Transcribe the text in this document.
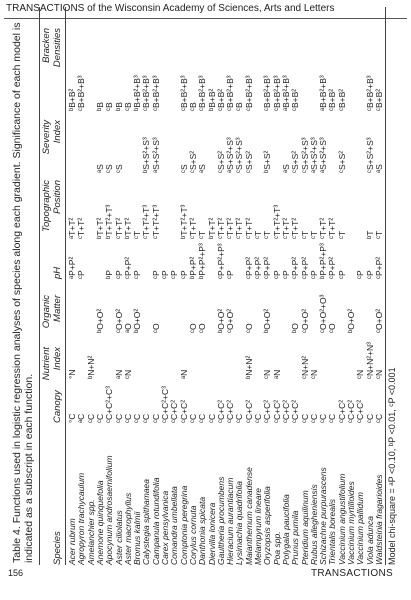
TRANSACTIONS of the Wisconsin Academy of Sciences, Arts and Letters
Table 4. Functions used in logistic regression analyses of species along each gradient. Significance of each model is indicated as a subscript in each function. Species
Canopy
Nutrient
Index
Organic
Matter
pH
Topographic
Position
Severity
Index
Bracken
Densities
Acer rubrum
°C
°N
ᵃP+P²
ᵃT+T²
ᵇB+B²
Agropyron trachycaulum
ᵃC
ᶜP
ᶜT+T²
ᶜB+B²+B³
Amelanchier spp.
ᶜC
ᵇN+N²
Anemone quinquefolia
ᶜC
ᵇO+O²
ᵇT+T²
ᵃS
ᵇB
Apocynum androsaemifolium
ᶜC+C²+C³
ᵇP
ᵇT+T²+T³
ᶜS
ᶜB
Aster ciliolatus
ᶜC
ᵃN
ᶜO+O²
ᶜP
ᶜT+T²
ᶜS
ᵇB
Aster macrophyllus
ᶜC
ᶜN
ᵃO
ᶜP+P²
ᵇT+T²
ᶜB
Bromus kalmii
ᶜC
ᵇO+O²
ᶜP
ᶜT
ᵇB+B²+B³
Calystegia spithamaea
ᶜC
ᶜT+T²+T³
ᵇS+S²+S³
ᶜB+B²+B³
Campanula rotundifolia
ᶜC
ᶜO
ᶜP
ᶜT+T²+T³
ᵃS+S²+S³
ᶜB+B²+B³
Carex pensylvanica
ᶜC+C²+C³
ᶜP
Comandra umbellata
ᶜC+C²
ᶜP
Comptonia peregrina
ᶜC+C²
ᵃN
ᶜP
ᵇT+T²+T³
ᶜS
ᶜB+B²+B³
Corylus cornuta
ᶜC
ᶜO
ᵇP+P²
ᶜT+T²
ᶜS+S²
ᶜB
Danthonia spicata
ᶜC
ᶜO
ᵇP+P²+P³
ᶜT
ᵃS
ᶜB+B²+B³
Diervilla lonicera
ᶜC
ᵇT+T²
ᵇB+B²
Gaultheria procumbens
ᶜC+C²
ᵇO+O²
ᶜP+P²+P³
ᶜT+T²
ᶜS+S²
ᶜB+B²
Hieracium aurantiacum
ᶜC+C²
ᶜO+O²
ᶜP
ᶜT+T²
ᵃS+S²+S³
ᶜB+B²+B³
Lysimachia quadrifolia
ᶜC
ᶜT+T²
ᶜS+S²+S³
ᶜB
Maianthemum canadense
ᶜC+C²
ᵇN+N²
ᶜO
ᶜP+P²
ᶜT+T²
ᶜS+S²
ᶜB+B²+B³
Melampyrum lineare
ᶜC
ᶜP+P²
ᶜT
Oryzopsis asperifolia
ᶜC+C²
ᶜN
ᵇO+O²
ᶜP+P²
ᶜT
ᵇS+S²
ᶜB+B²+B³
Poa spp.
ᶜC+C²
ᵃN
ᶜP
ᶜT+T²+T³
ᶜB+B²+B³
Polygala paucifolia
ᶜC+C²
ᶜP
ᶜT+T²
ᵃS
ᵃB+B²+B³
Prunus pumila
ᶜC+C²
ᵇO
ᶜP+P²
ᶜT+T²
ᶜS+S²
ᶜB+B²
Pteridium aquilinum
ᶜC
ᶜN+N²
ᶜO+O²
ᶜP+P²
ᶜT
ᶜS+S²+S³
Rubus allegheniensis
ᶜC
ᶜN
ᶜP
ᶜT
ᵃS+S²+S³
Schizachne purpurascens
ᶜC
ᶜO+O²+O³
ᵇP+P²+P³
ᶜT+T²
ᵃS+S²+S³
ᵃB+B²+B³
Trientalis borealis
ᶜC
ᶜO
ᶜP+P²
ᶜT+T²
ᶜB+B²
Vaccinium angustifolium
ᶜC+C²
ᶜP
ᶜT
ᶜS+S²
ᶜB+B²
Vaccinium myrtilloides
ᶜC+C²
ᵇO+O²
Vaccinium pallidum
ᶜC+C²
ᶜN
ᶜP
Viola adunca
ᶜC
ᶜN+N²+N³
ᶜP
ᵇT
ᶜS+S²+S³
ᶜB+B²+B³
Waldsteinia fragarioides
ᶜC
ᶜN
ᶜO+O²
ᶜP+P²
ᶜT
ᵃS
ᶜB+B²
Model chi-square = ᵃP <0.10, ᵇP <0.01, ᶜP <0.001
156	TRANSACTIONS
